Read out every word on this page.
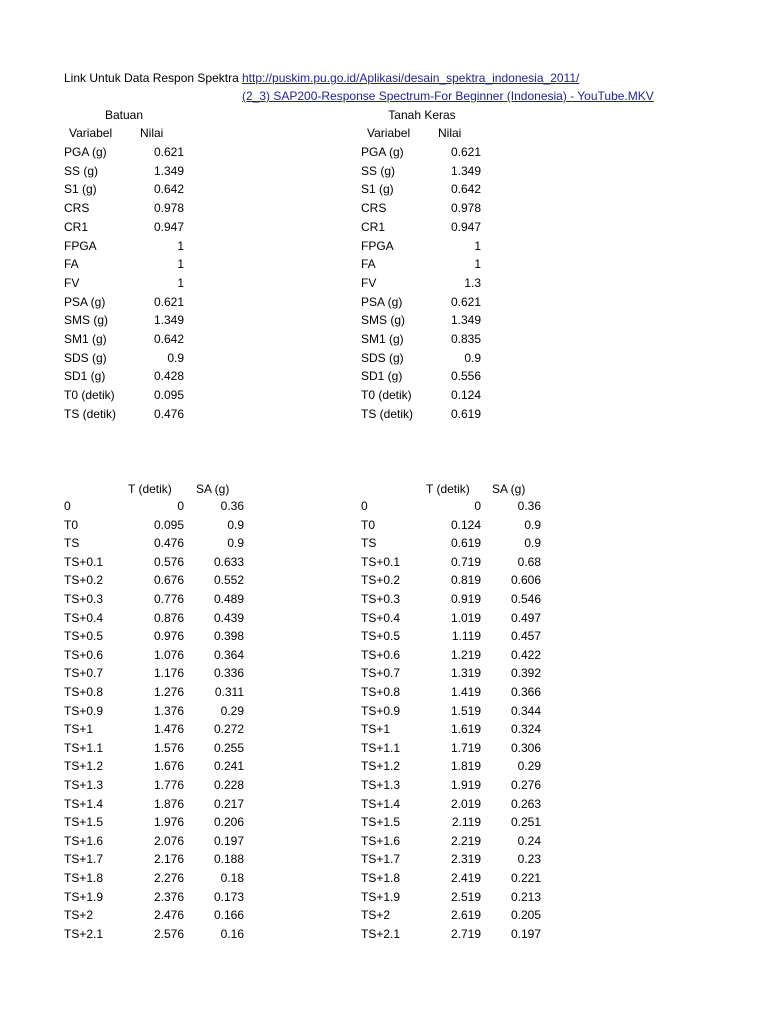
Link Untuk Data Respon Spektra http://puskim.pu.go.id/Aplikasi/desain_spektra_indonesia_2011/
(2_3) SAP200-Response Spectrum-For Beginner (Indonesia) - YouTube.MKV
Batuan
Variabel Nilai
PGA (g)	0.621
SS (g)	1.349
S1 (g)	0.642
CRS	0.978
CR1	0.947
FPGA	1
FA	1
FV	1
PSA (g)	0.621
SMS (g)	1.349
SM1 (g)	0.642
SDS (g)	0.9
SD1 (g)	0.428
T0 (detik)	0.095
TS (detik)	0.476
T (detik) SA (g)
0	0	0.36
T0	0.095	0.9
TS	0.476	0.9
TS+0.1	0.576	0.633
TS+0.2	0.676	0.552
TS+0.3	0.776	0.489
TS+0.4	0.876	0.439
TS+0.5	0.976	0.398
TS+0.6	1.076	0.364
TS+0.7	1.176	0.336
TS+0.8	1.276	0.311
TS+0.9	1.376	0.29
TS+1	1.476	0.272
TS+1.1	1.576	0.255
TS+1.2	1.676	0.241
TS+1.3	1.776	0.228
TS+1.4	1.876	0.217
TS+1.5	1.976	0.206
TS+1.6	2.076	0.197
TS+1.7	2.176	0.188
TS+1.8	2.276	0.18
TS+1.9	2.376	0.173
TS+2	2.476	0.166
TS+2.1	2.576	0.16
Tanah Keras
Variabel Nilai
PGA (g)	0.621
SS (g)	1.349
S1 (g)	0.642
CRS	0.978
CR1	0.947
FPGA	1
FA	1
FV	1.3
PSA (g)	0.621
SMS (g)	1.349
SM1 (g)	0.835
SDS (g)	0.9
SD1 (g)	0.556
T0 (detik)	0.124
TS (detik)	0.619
T (detik) SA (g)
0	0	0.36
T0	0.124	0.9
TS	0.619	0.9
TS+0.1	0.719	0.68
TS+0.2	0.819	0.606
TS+0.3	0.919	0.546
TS+0.4	1.019	0.497
TS+0.5	1.119	0.457
TS+0.6	1.219	0.422
TS+0.7	1.319	0.392
TS+0.8	1.419	0.366
TS+0.9	1.519	0.344
TS+1	1.619	0.324
TS+1.1	1.719	0.306
TS+1.2	1.819	0.29
TS+1.3	1.919	0.276
TS+1.4	2.019	0.263
TS+1.5	2.119	0.251
TS+1.6	2.219	0.24
TS+1.7	2.319	0.23
TS+1.8	2.419	0.221
TS+1.9	2.519	0.213
TS+2	2.619	0.205
TS+2.1	2.719	0.197
